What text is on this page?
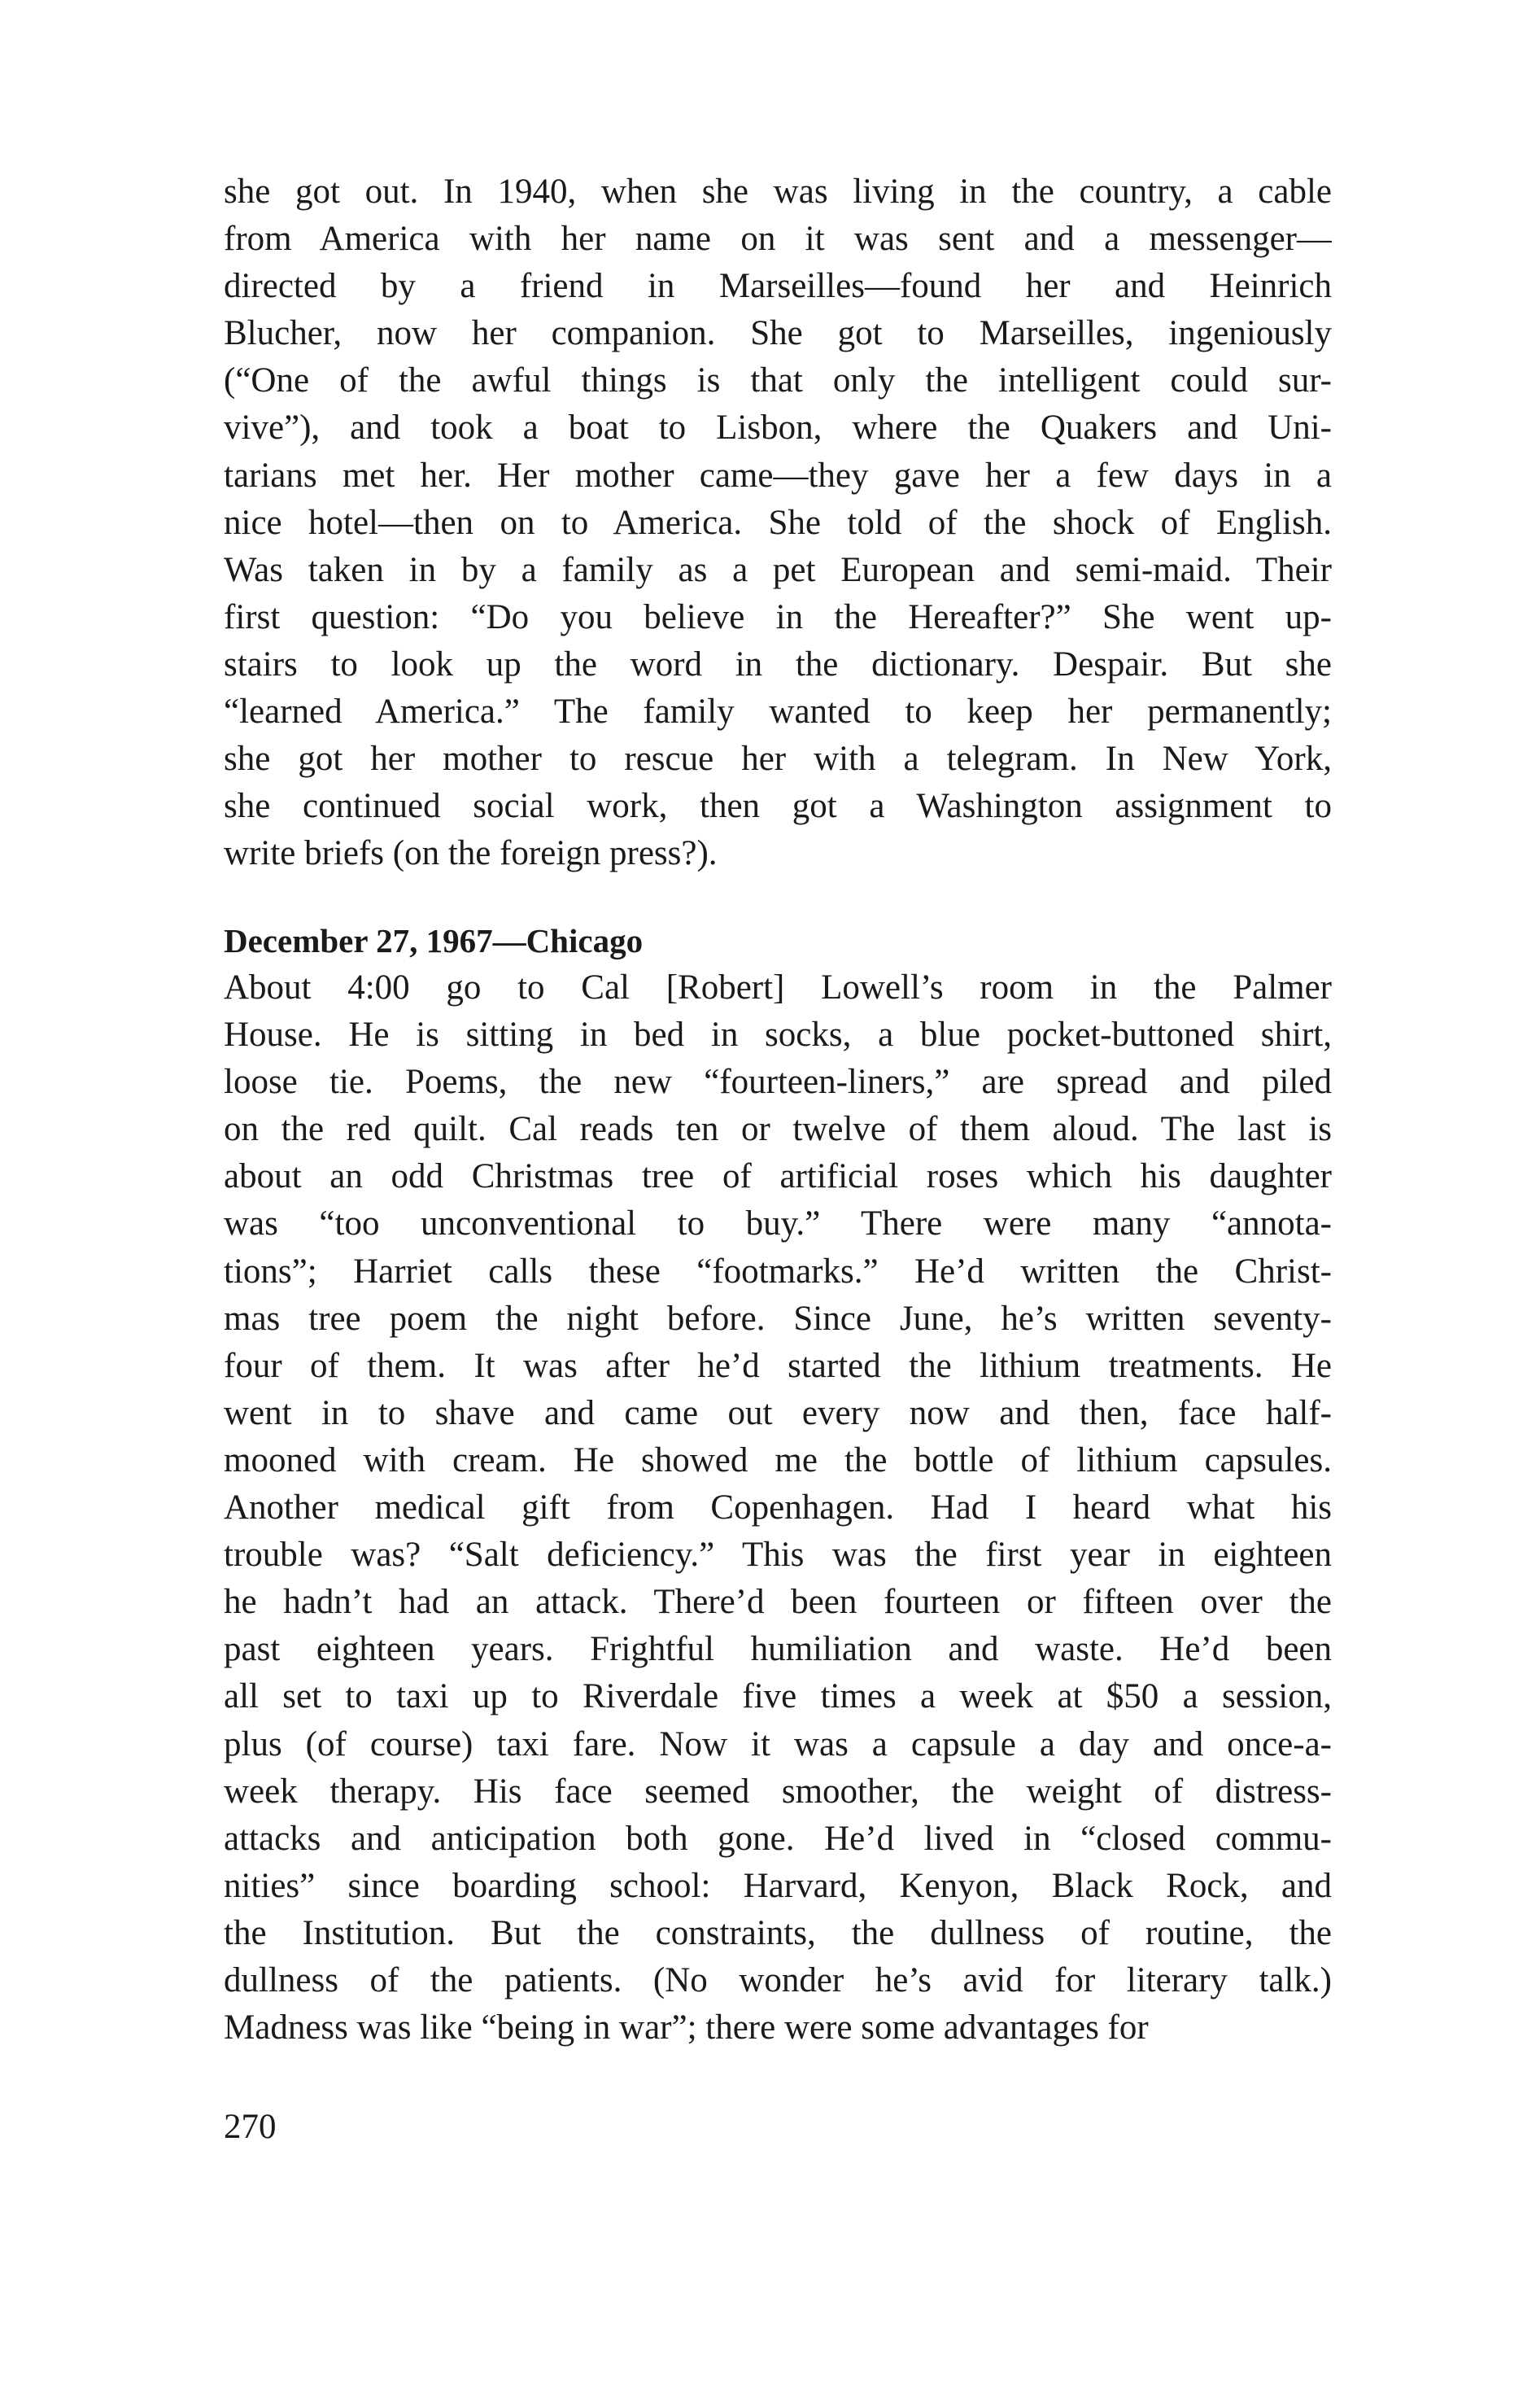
she got out. In 1940, when she was living in the country, a cable
from America with her name on it was sent and a messenger—
directed by a friend in Marseilles—found her and Heinrich
Blucher, now her companion. She got to Marseilles, ingeniously
(“One of the awful things is that only the intelligent could sur-
vive”), and took a boat to Lisbon, where the Quakers and Uni-
tarians met her. Her mother came—they gave her a few days in a
nice hotel—then on to America. She told of the shock of English.
Was taken in by a family as a pet European and semi-maid. Their
first question: “Do you believe in the Hereafter?” She went up-
stairs to look up the word in the dictionary. Despair. But she
“learned America.” The family wanted to keep her permanently;
she got her mother to rescue her with a telegram. In New York,
she continued social work, then got a Washington assignment to
write briefs (on the foreign press?).
December 27, 1967—Chicago
About 4:00 go to Cal [Robert] Lowell’s room in the Palmer
House. He is sitting in bed in socks, a blue pocket-buttoned shirt,
loose tie. Poems, the new “fourteen-liners,” are spread and piled
on the red quilt. Cal reads ten or twelve of them aloud. The last is
about an odd Christmas tree of artificial roses which his daughter
was “too unconventional to buy.” There were many “annota-
tions”; Harriet calls these “footmarks.” He’d written the Christ-
mas tree poem the night before. Since June, he’s written seventy-
four of them. It was after he’d started the lithium treatments. He
went in to shave and came out every now and then, face half-
mooned with cream. He showed me the bottle of lithium capsules.
Another medical gift from Copenhagen. Had I heard what his
trouble was? “Salt deficiency.” This was the first year in eighteen
he hadn’t had an attack. There’d been fourteen or fifteen over the
past eighteen years. Frightful humiliation and waste. He’d been
all set to taxi up to Riverdale five times a week at $50 a session,
plus (of course) taxi fare. Now it was a capsule a day and once-a-
week therapy. His face seemed smoother, the weight of distress-
attacks and anticipation both gone. He’d lived in “closed commu-
nities” since boarding school: Harvard, Kenyon, Black Rock, and
the Institution. But the constraints, the dullness of routine, the
dullness of the patients. (No wonder he’s avid for literary talk.)
Madness was like “being in war”; there were some advantages for
270
